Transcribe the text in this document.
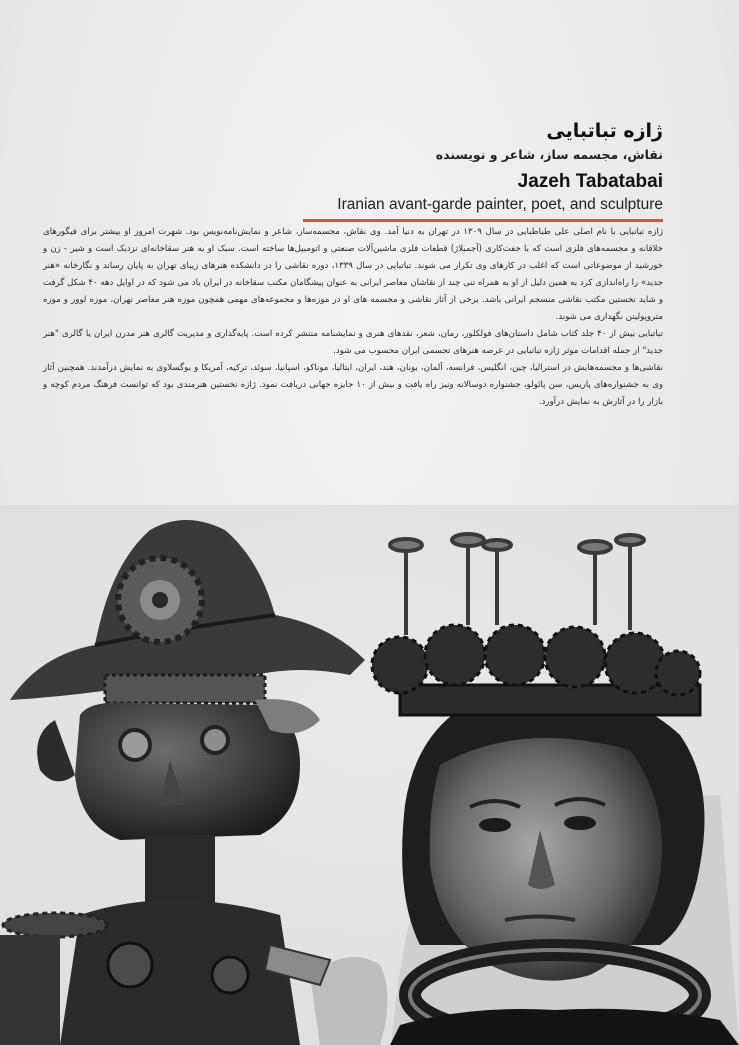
ژازه تباتبایی
نقاش، مجسمه ساز، شاعر و نویسنده
Jazeh Tabatabai
Iranian avant-garde painter, poet, and sculpture

ژازه تباتبایی با نام اصلی علی طباطبایی در سال ۱۳۰۹ در تهران به دنیا آمد. وی نقاش، مجسمه‌ساز، شاعر و نمایش‌نامه‌نویس بود. شهرت امروز او بیشتر برای فیگورهای خلاقانه و مجسمه‌های فلزی است که با جفت‌کاری (آجمبلاژ) قطعات فلزی ماشین‌آلات صنعتی و اتومبیل‌ها ساخته است. سبک او به هنر سقاخانه‌ای نزدیک است و شیر - زن و خورشید از موضوعاتی است که اغلب در کارهای وی تکرار می شوند. تباتبایی در سال ۱۳۳۹، دوره نقاشی را در دانشکده هنرهای زیبای تهران به پایان رساند و نگارخانه «هنر جدید» را راه‌اندازی کرد به همین دلیل از او به همراه تنی چند از نقاشان معاصر ایرانی به عنوان پیشگامان مکتب سقاخانه در ایران یاد می شود که در اوایل دهه ۴۰ شکل گرفت و شاید نخستین مکتب نقاشی منسجم ایرانی باشد. برخی از آثار نقاشی و مجسمه های او در موزه‌ها و مجموعه‌های مهمی همچون موزه هنر معاصر تهران، موزه لوور و موزه متروپولیتن نگهداری می شوند.

تباتبایی بیش از ۴۰ جلد کتاب شامل داستان‌های فولکلور، رمان، شعر، نقدهای هنری و نمایشنامه منتشر کرده است. پایه‌گذاری و مدیریت گالری هنر مدرن ایران یا گالری "هنر جدید" از جمله اقدامات موثر ژازه تباتبایی در عرصه هنرهای تجسمی ایران محسوب می شود.

نقاشی‌ها و مجسمه‌هایش در استرالیا، چین، انگلیس، فرانسه، آلمان، یونان، هند، ایران، ایتالیا، موناکو، اسپانیا، سوئد، ترکیه، آمریکا و یوگسلاوی به نمایش درآمدند. همچنین آثار وی به جشنواره‌های پاریس، سن پائولو، جشنواره دوسالانه ونیز راه یافت و بیش از ۱۰ جایزه جهانی دریافت نمود. ژازه نخستین هنرمندی بود که توانست فرهنگ مردم کوچه و بازار را در آثارش به نمایش درآورد.
